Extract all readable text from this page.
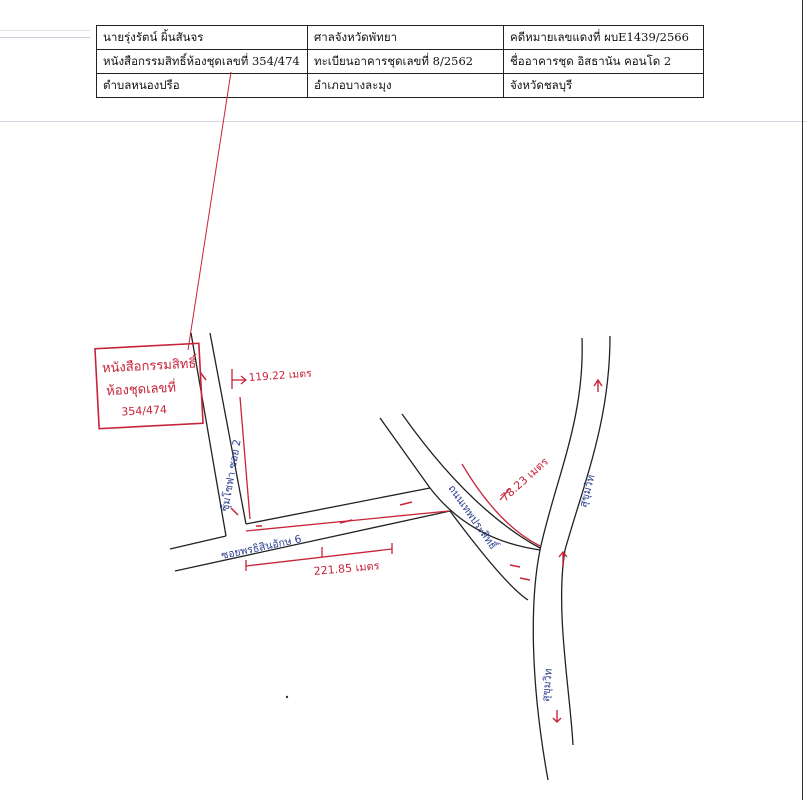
นายรุ่งรัตน์ ผิ้นสันจร	ศาลจังหวัดพัทยา	คดีหมายเลขแดงที่ ผบE1439/2566
หนังสือกรรมสิทธิ์ห้องชุดเลขที่ 354/474	ทะเบียนอาคารชุดเลขที่ 8/2562	ชื่ออาคารชุด อิสธานัน คอนโด 2
ตำบลหนองปรือ	อำเภอบางละมุง	จังหวัดชลบุรี
หนังสือกรรมสิทธิ์
ห้องชุดเลขที่
354/474
119.22 เมตร
221.85 เมตร
78.23 เมตร
ซุ้มโซฟา ซอย 2
ซอยพรธิสินอักษ 6	ถนนเทพประสิทธิ์	สุขุมวิท
สุขุมวิท
